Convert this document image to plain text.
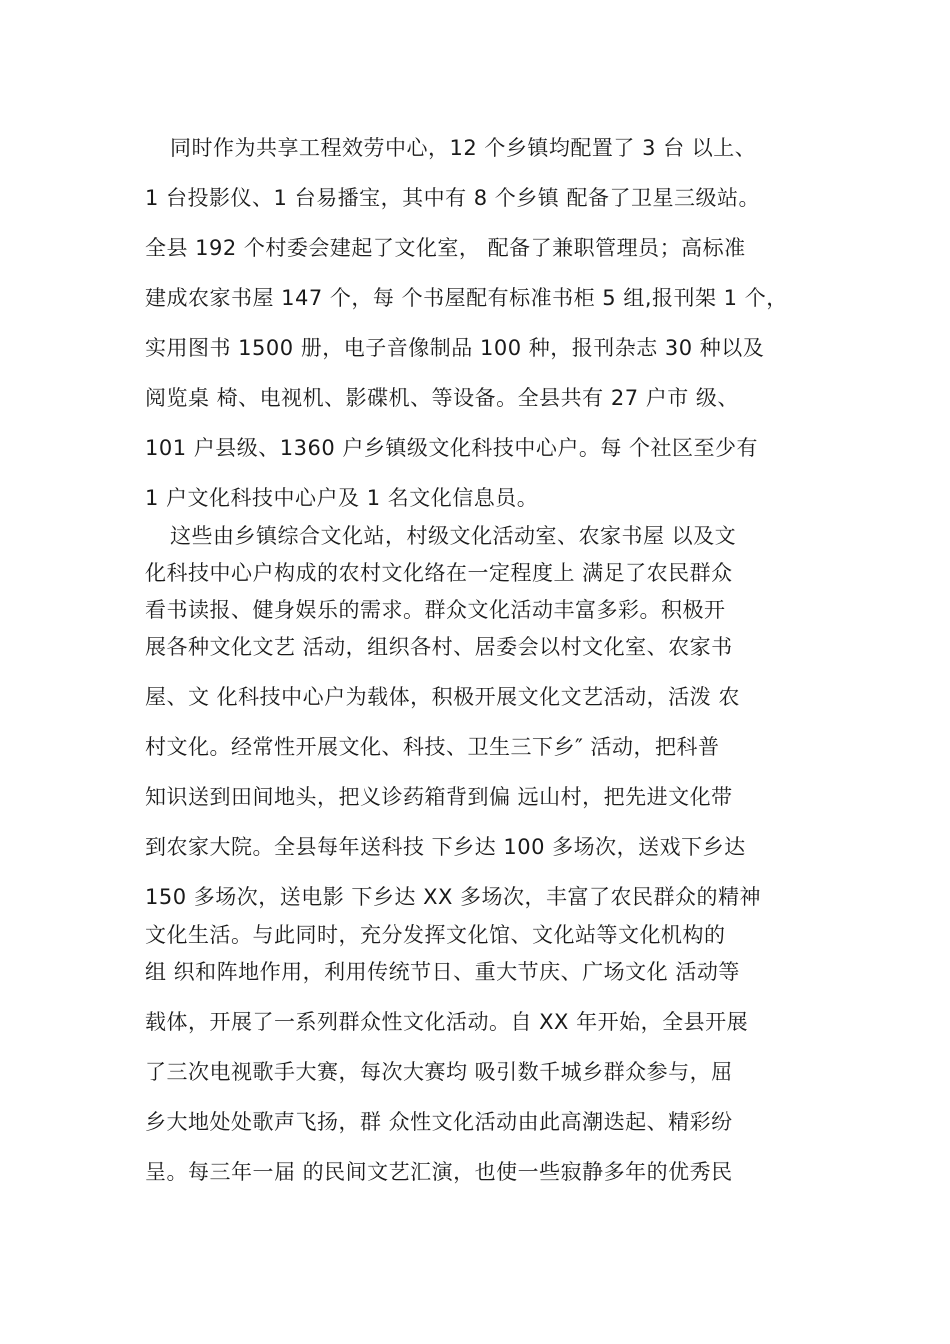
同时作为共享工程效劳中心，12 个乡镇均配置了 3 台 以上、
1 台投影仪、1 台易播宝，其中有 8 个乡镇 配备了卫星三级站。
全县 192 个村委会建起了文化室， 配备了兼职管理员；高标准
建成农家书屋 147 个，每 个书屋配有标准书柜 5 组,报刊架 1 个，
实用图书 1500 册，电子音像制品 100 种，报刊杂志 30 种以及
阅览桌 椅、电视机、影碟机、等设备。全县共有 27 户市 级、
101 户县级、1360 户乡镇级文化科技中心户。每 个社区至少有
1 户文化科技中心户及 1 名文化信息员。
这些由乡镇综合文化站，村级文化活动室、农家书屋 以及文
化科技中心户构成的农村文化络在一定程度上 满足了农民群众
看书读报、健身娱乐的需求。群众文化活动丰富多彩。积极开
展各种文化文艺 活动，组织各村、居委会以村文化室、农家书
屋、文 化科技中心户为载体，积极开展文化文艺活动，活泼 农
村文化。经常性开展文化、科技、卫生三下乡″ 活动，把科普
知识送到田间地头，把义诊药箱背到偏 远山村，把先进文化带
到农家大院。全县每年送科技 下乡达 100 多场次，送戏下乡达
150 多场次，送电影 下乡达 XX 多场次，丰富了农民群众的精神
文化生活。与此同时，充分发挥文化馆、文化站等文化机构的
组 织和阵地作用，利用传统节日、重大节庆、广场文化 活动等
载体，开展了一系列群众性文化活动。自 XX 年开始，全县开展
了三次电视歌手大赛，每次大赛均 吸引数千城乡群众参与，屈
乡大地处处歌声飞扬，群 众性文化活动由此高潮迭起、精彩纷
呈。每三年一届 的民间文艺汇演，也使一些寂静多年的优秀民
